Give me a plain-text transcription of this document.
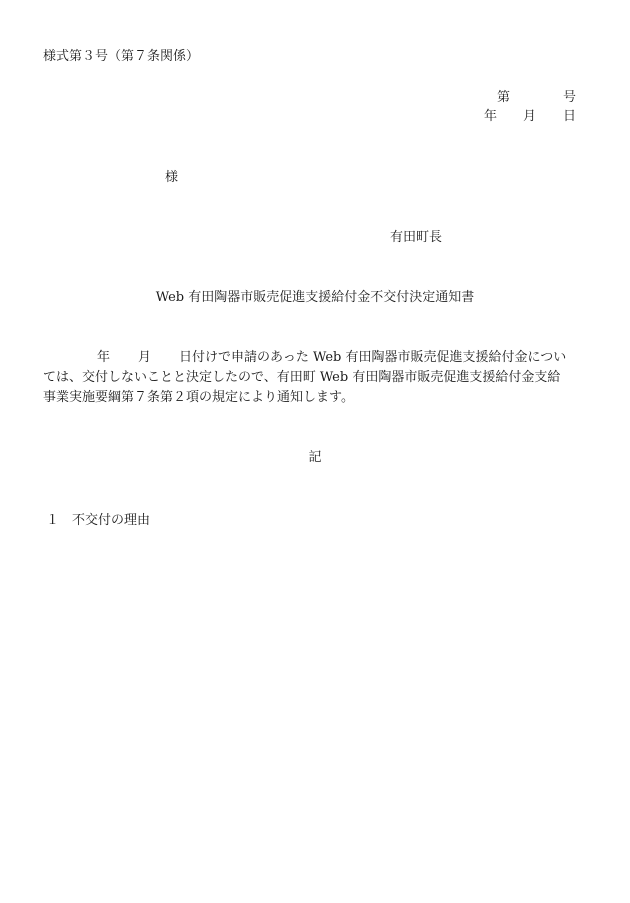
様式第３号（第７条関係）
第	号
年 月 日
様
有田町長
Web 有田陶器市販売促進支援給付金不交付決定通知書
年 月 日付けで申請のあった Web 有田陶器市販売促進支援給付金につい
ては、交付しないことと決定したので、有田町 Web 有田陶器市販売促進支援給付金支給
事業実施要綱第７条第２項の規定により通知します。
記
１ 不交付の理由
